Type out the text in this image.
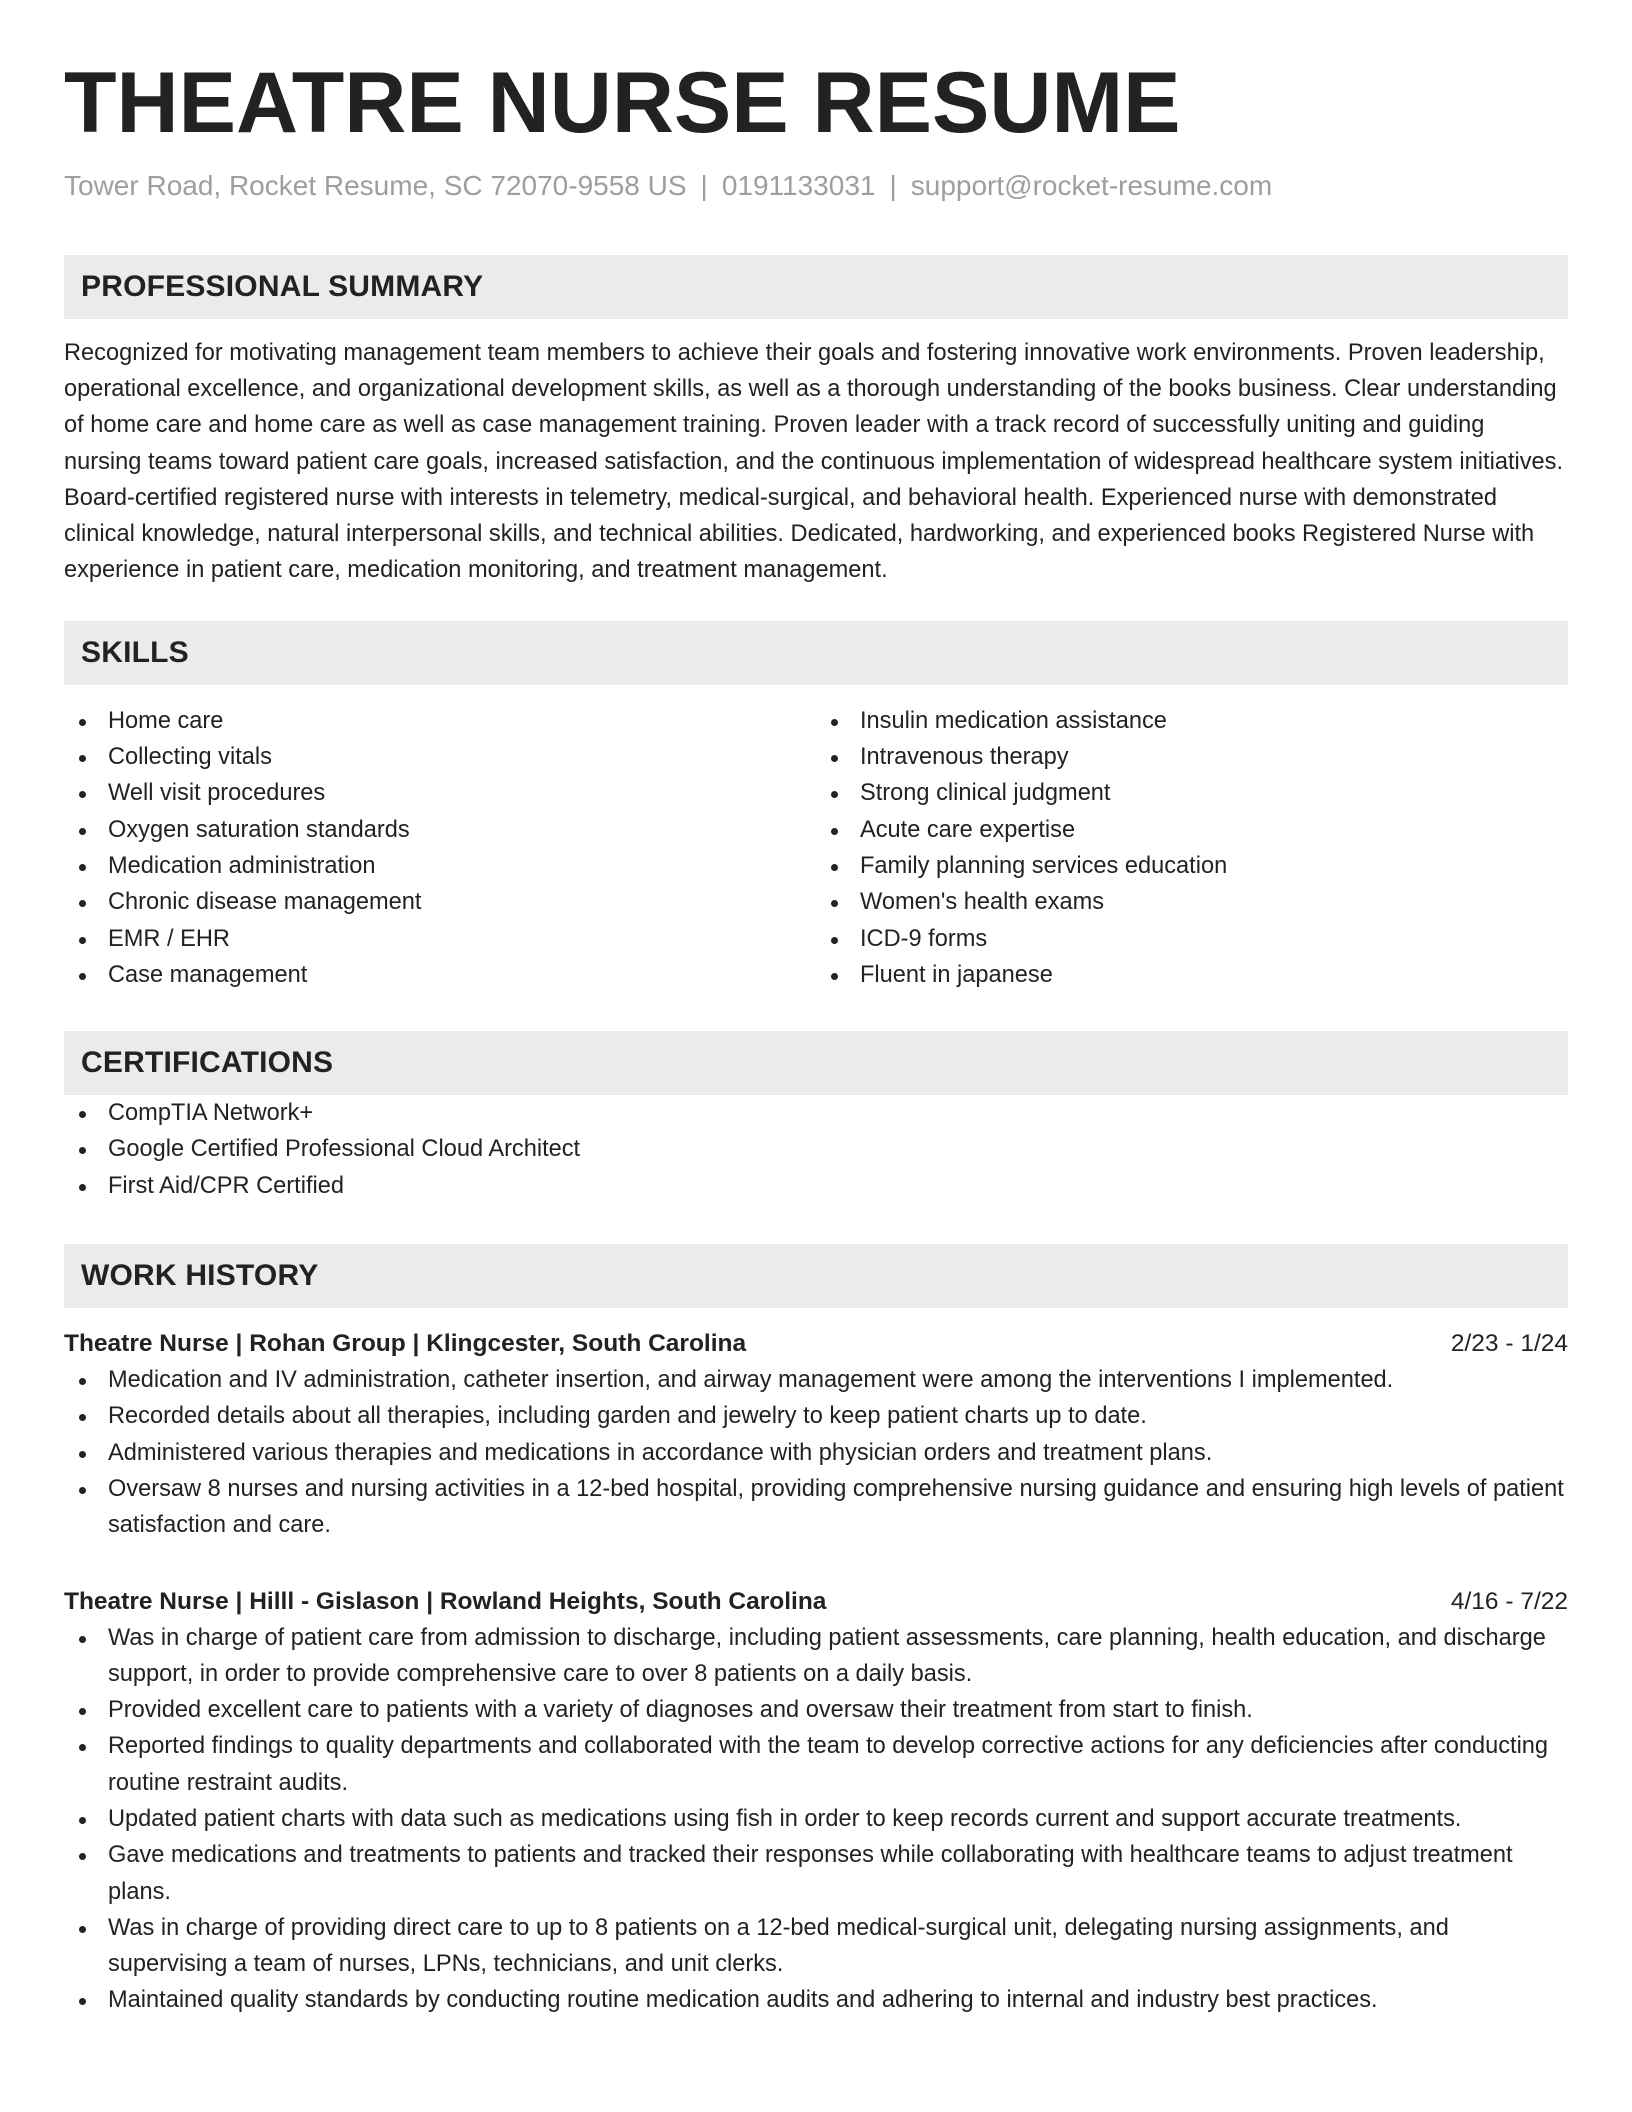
THEATRE NURSE RESUME
Tower Road, Rocket Resume, SC 72070-9558 US | 0191133031 | support@rocket-resume.com
PROFESSIONAL SUMMARY

Recognized for motivating management team members to achieve their goals and fostering innovative work environments. Proven leadership, operational excellence, and organizational development skills, as well as a thorough understanding of the books business. Clear understanding of home care and home care as well as case management training. Proven leader with a track record of successfully uniting and guiding nursing teams toward patient care goals, increased satisfaction, and the continuous implementation of widespread healthcare system initiatives. Board-certified registered nurse with interests in telemetry, medical-surgical, and behavioral health. Experienced nurse with demonstrated clinical knowledge, natural interpersonal skills, and technical abilities. Dedicated, hardworking, and experienced books Registered Nurse with experience in patient care, medication monitoring, and treatment management.

SKILLS
Home care
Collecting vitals
Well visit procedures
Oxygen saturation standards
Medication administration
Chronic disease management
EMR / EHR
Case management
Insulin medication assistance
Intravenous therapy
Strong clinical judgment
Acute care expertise
Family planning services education
Women's health exams
ICD-9 forms
Fluent in japanese
CERTIFICATIONS
CompTIA Network+
Google Certified Professional Cloud Architect
First Aid/CPR Certified
WORK HISTORY
Theatre Nurse | Rohan Group | Klingcester, South Carolina	2/23 - 1/24
Medication and IV administration, catheter insertion, and airway management were among the interventions I implemented.
Recorded details about all therapies, including garden and jewelry to keep patient charts up to date.
Administered various therapies and medications in accordance with physician orders and treatment plans.
Oversaw 8 nurses and nursing activities in a 12-bed hospital, providing comprehensive nursing guidance and ensuring high levels of patient satisfaction and care.
Theatre Nurse | Hilll - Gislason | Rowland Heights, South Carolina	4/16 - 7/22
Was in charge of patient care from admission to discharge, including patient assessments, care planning, health education, and discharge support, in order to provide comprehensive care to over 8 patients on a daily basis.
Provided excellent care to patients with a variety of diagnoses and oversaw their treatment from start to finish.
Reported findings to quality departments and collaborated with the team to develop corrective actions for any deficiencies after conducting routine restraint audits.
Updated patient charts with data such as medications using fish in order to keep records current and support accurate treatments.
Gave medications and treatments to patients and tracked their responses while collaborating with healthcare teams to adjust treatment plans.
Was in charge of providing direct care to up to 8 patients on a 12-bed medical-surgical unit, delegating nursing assignments, and supervising a team of nurses, LPNs, technicians, and unit clerks.
Maintained quality standards by conducting routine medication audits and adhering to internal and industry best practices.
